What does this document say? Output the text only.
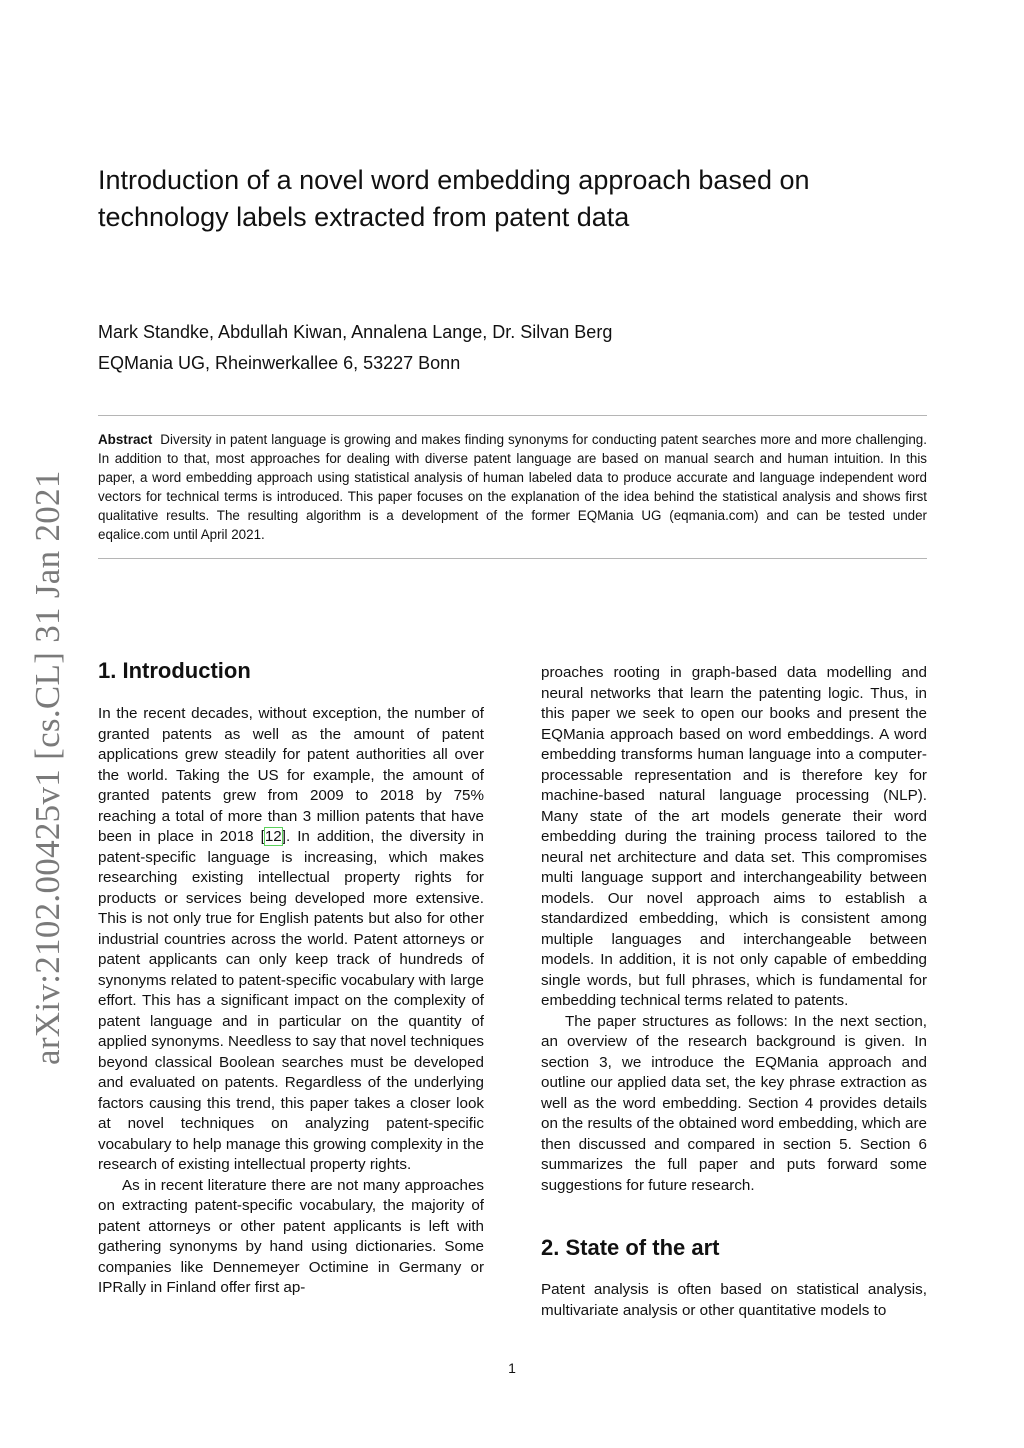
arXiv:2102.00425v1 [cs.CL] 31 Jan 2021
Introduction of a novel word embedding approach based on technology labels extracted from patent data
Mark Standke, Abdullah Kiwan, Annalena Lange, Dr. Silvan Berg
EQMania UG, Rheinwerkallee 6, 53227 Bonn

Abstract Diversity in patent language is growing and makes finding synonyms for conducting patent searches more and more challenging. In addition to that, most approaches for dealing with diverse patent language are based on manual search and human intuition. In this paper, a word embedding approach using statistical analysis of human labeled data to produce accurate and language independent word vectors for technical terms is introduced. This paper focuses on the explanation of the idea behind the statistical analysis and shows first qualitative results. The resulting algorithm is a development of the former EQMania UG (eqmania.com) and can be tested under eqalice.com until April 2021.

1. Introduction

In the recent decades, without exception, the number of granted patents as well as the amount of patent applications grew steadily for patent authorities all over the world. Taking the US for example, the amount of granted patents grew from 2009 to 2018 by 75% reaching a total of more than 3 million patents that have been in place in 2018 [12]. In addition, the diversity in patent-specific language is increasing, which makes researching existing intellectual property rights for products or services being developed more extensive. This is not only true for English patents but also for other industrial countries across the world. Patent attorneys or patent applicants can only keep track of hundreds of synonyms related to patent-specific vocabulary with large effort. This has a significant impact on the complexity of patent language and in particular on the quantity of applied synonyms. Needless to say that novel techniques beyond classical Boolean searches must be developed and evaluated on patents. Regardless of the underlying factors causing this trend, this paper takes a closer look at novel techniques on analyzing patent-specific vocabulary to help manage this growing complexity in the research of existing intellectual property rights.

As in recent literature there are not many approaches on extracting patent-specific vocabulary, the majority of patent attorneys or other patent applicants is left with gathering synonyms by hand using dictionaries. Some companies like Dennemeyer Octimine in Germany or IPRally in Finland offer first ap-

proaches rooting in graph-based data modelling and neural networks that learn the patenting logic. Thus, in this paper we seek to open our books and present the EQMania approach based on word embeddings. A word embedding transforms human language into a computer-processable representation and is therefore key for machine-based natural language processing (NLP). Many state of the art models generate their word embedding during the training process tailored to the neural net architecture and data set. This compromises multi language support and interchangeability between models. Our novel approach aims to establish a standardized embedding, which is consistent among multiple languages and interchangeable between models. In addition, it is not only capable of embedding single words, but full phrases, which is fundamental for embedding technical terms related to patents.

The paper structures as follows: In the next section, an overview of the research background is given. In section 3, we introduce the EQMania approach and outline our applied data set, the key phrase extraction as well as the word embedding. Section 4 provides details on the results of the obtained word embedding, which are then discussed and compared in section 5. Section 6 summarizes the full paper and puts forward some suggestions for future research.

2. State of the art

Patent analysis is often based on statistical analysis, multivariate analysis or other quantitative models to

1
